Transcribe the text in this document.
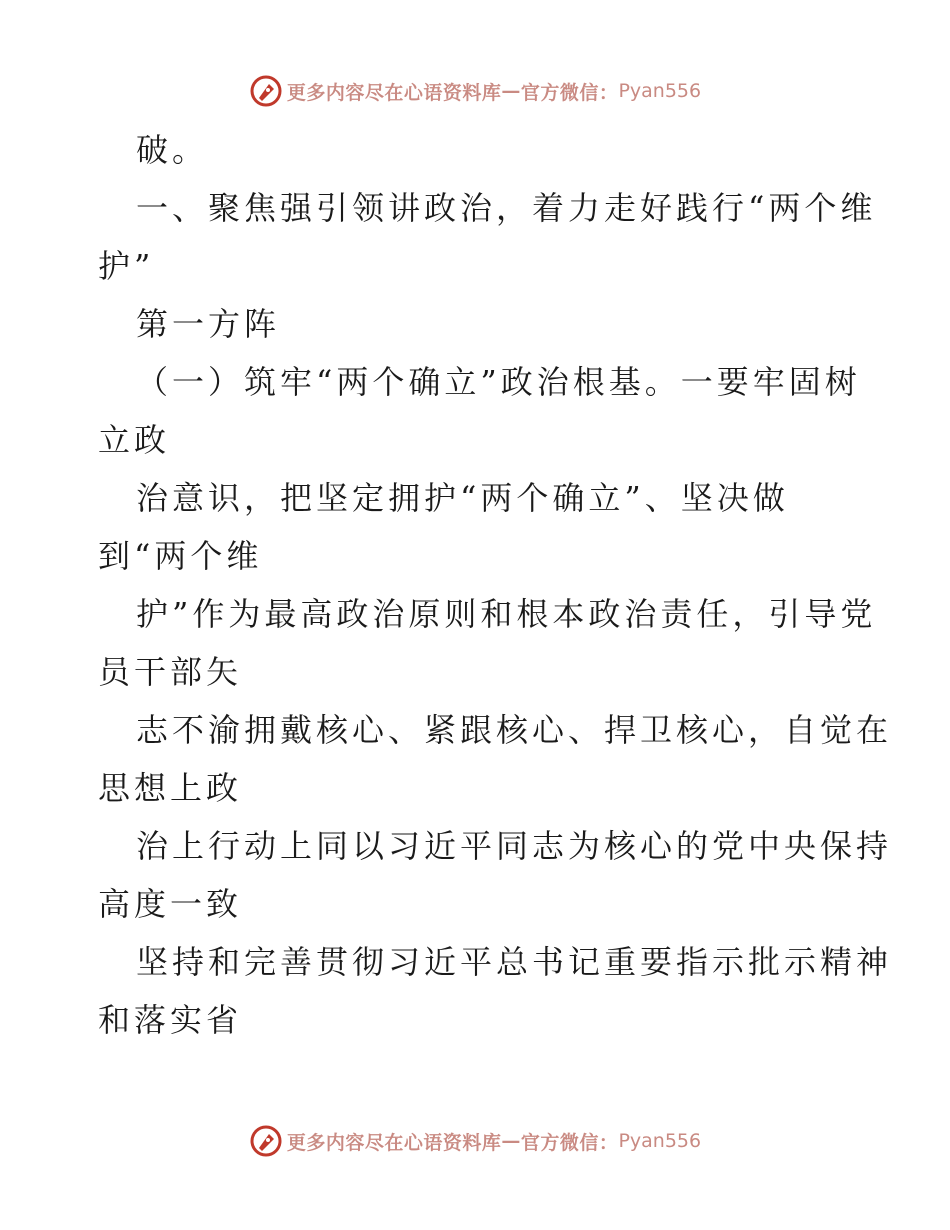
更多内容尽在心语资料库 — 官方微信： Pyan556
破。
一、聚焦强引领讲政治，着力走好践行“两个维
护”
第一方阵
（一）筑牢“两个确立”政治根基。一要牢固树
立政
治意识，把坚定拥护“两个确立”、坚决做
到“两个维
护”作为最高政治原则和根本政治责任，引导党
员干部矢
志不渝拥戴核心、紧跟核心、捍卫核心，自觉在
思想上政
治上行动上同以习近平同志为核心的党中央保持
高度一致
坚持和完善贯彻习近平总书记重要指示批示精神
和落实省
更多内容尽在心语资料库 — 官方微信： Pyan556
